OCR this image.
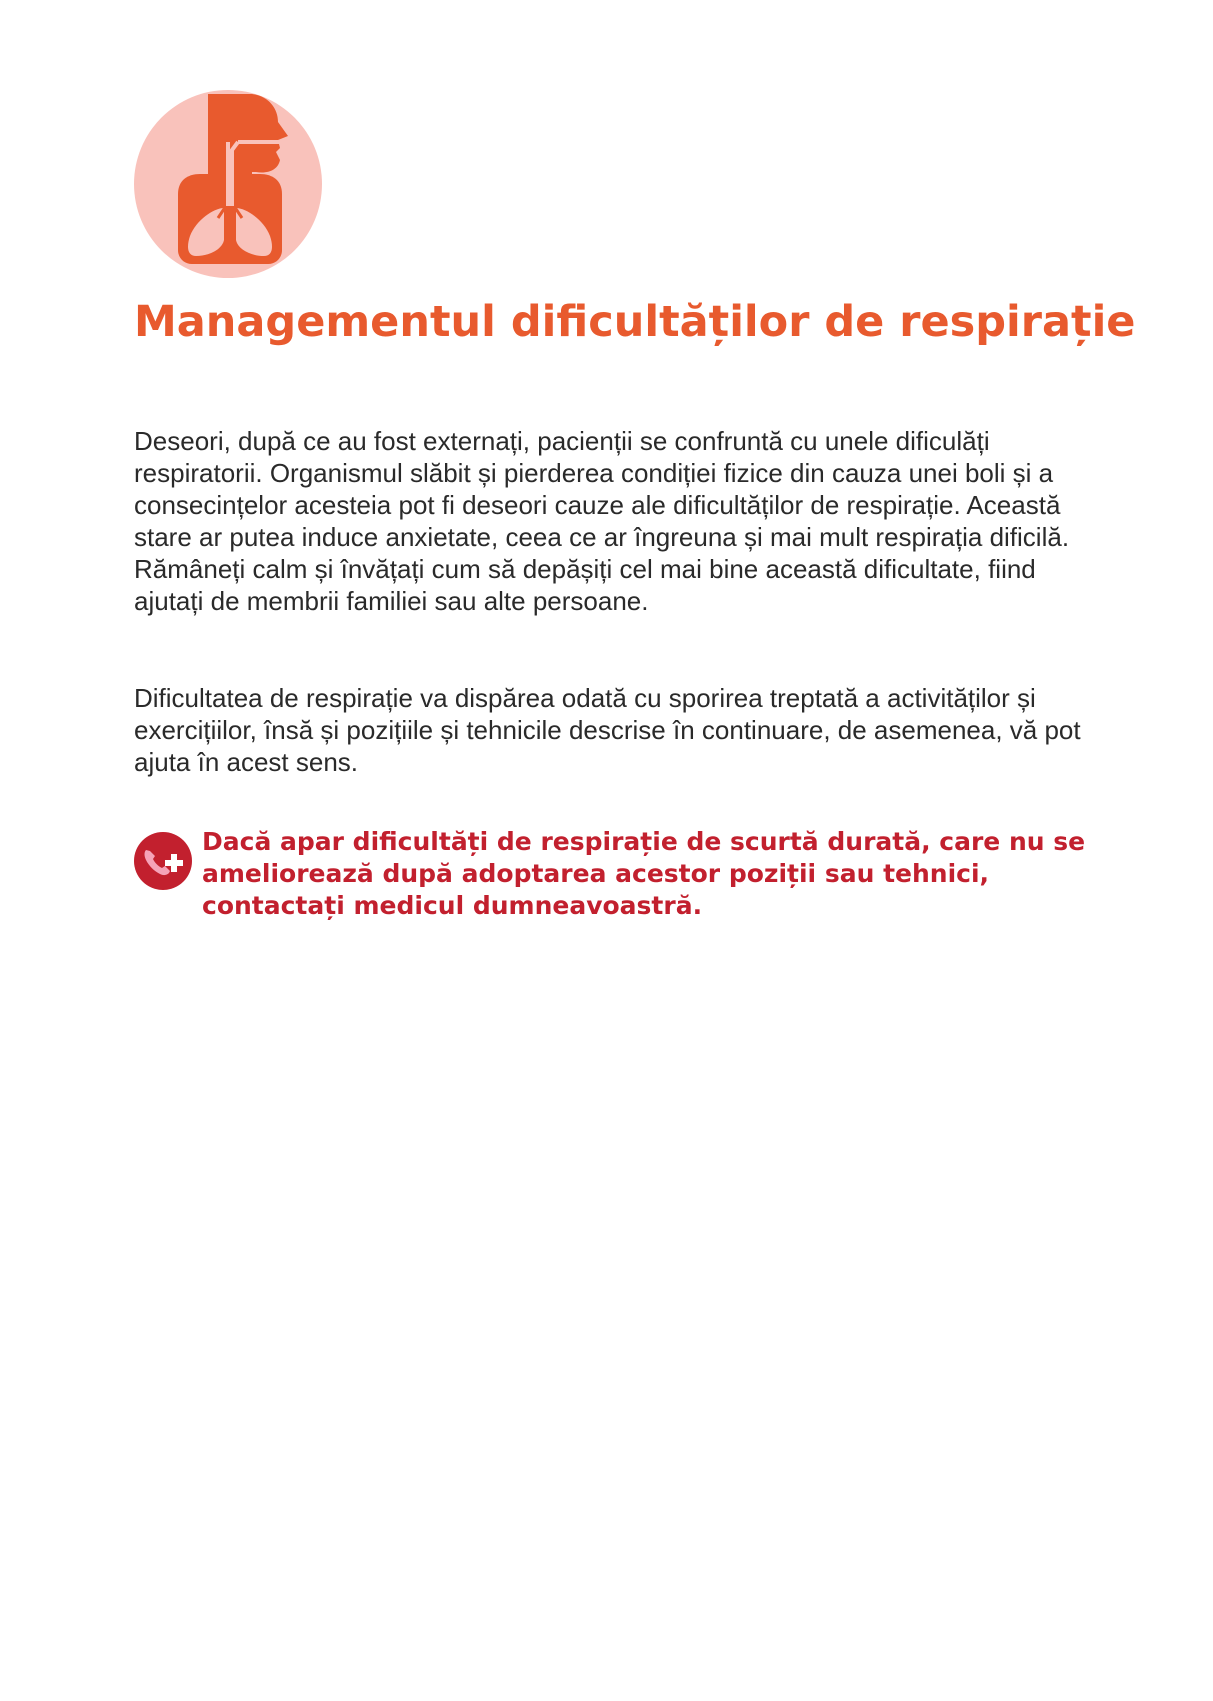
Managementul dificultăților de respirație

Deseori, după ce au fost externați, pacienții se confruntă cu unele dificulăți respiratorii. Organismul slăbit și pierderea condiției fizice din cauza unei boli și a consecințelor acesteia pot fi deseori cauze ale dificultăților de respirație. Această stare ar putea induce anxietate, ceea ce ar îngreuna și mai mult respirația dificilă. Rămâneți calm și învățați cum să depășiți cel mai bine această dificultate, fiind ajutați de membrii familiei sau alte persoane.

Dificultatea de respirație va dispărea odată cu sporirea treptată a activităților și exercițiilor, însă și pozițiile și tehnicile descrise în continuare, de asemenea, vă pot ajuta în acest sens.

Dacă apar dificultăți de respirație de scurtă durată, care nu se ameliorează după adoptarea acestor poziții sau tehnici, contactați medicul dumneavoastră.
